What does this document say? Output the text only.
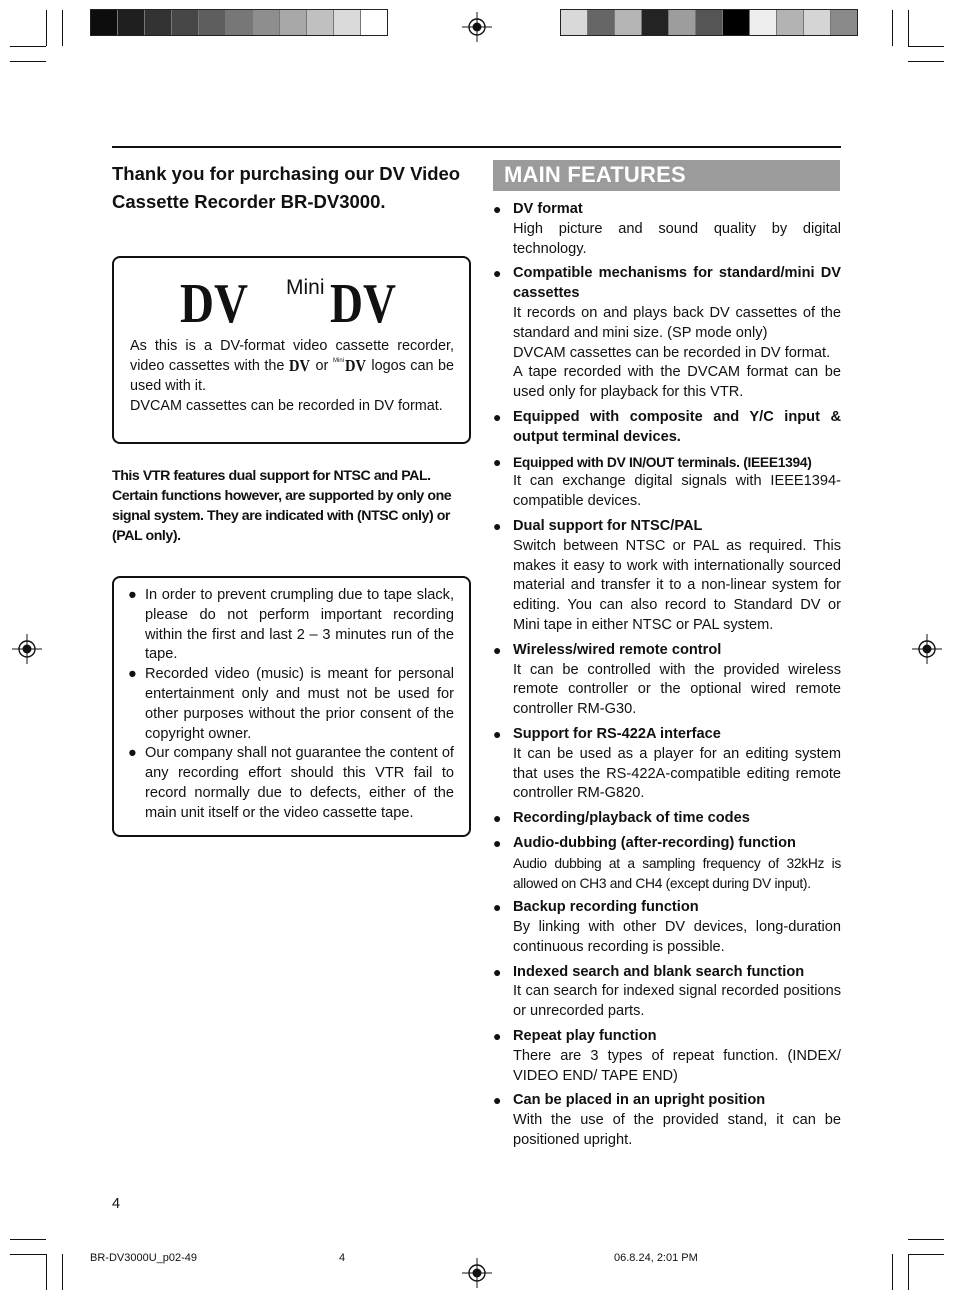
Thank you for purchasing our DV Video Cassette Recorder BR-DV3000.
DV Mini DV

As this is a DV-format video cassette recorder, video cassettes with the DV or Mini DV logos can be used with it.

DVCAM cassettes can be recorded in DV format.

This VTR features dual support for NTSC and PAL. Certain functions however, are supported by only one signal system. They are indicated with (NTSC only) or (PAL only).

● In order to prevent crumpling due to tape slack, please do not perform important recording within the first and last 2 – 3 minutes run of the tape.
● Recorded video (music) is meant for personal entertainment only and must not be used for other purposes without the prior consent of the copyright owner.
● Our company shall not guarantee the content of any recording effort should this VTR fail to record normally due to defects, either of the main unit itself or the video cassette tape.
MAIN FEATURES
● DV format

High picture and sound quality by digital technology.

● Compatible mechanisms for standard/mini DV cassettes

It records on and plays back DV cassettes of the standard and mini size. (SP mode only)

DVCAM cassettes can be recorded in DV format.

A tape recorded with the DVCAM format can be used only for playback for this VTR.

● Equipped with composite and Y/C input & output terminal devices.
● Equipped with DV IN/OUT terminals. (IEEE1394)

It can exchange digital signals with IEEE1394-compatible devices.

● Dual support for NTSC/PAL

Switch between NTSC or PAL as required. This makes it easy to work with internationally sourced material and transfer it to a non-linear system for editing. You can also record to Standard DV or Mini tape in either NTSC or PAL system.

● Wireless/wired remote control

It can be controlled with the provided wireless remote controller or the optional wired remote controller RM-G30.

● Support for RS-422A interface

It can be used as a player for an editing system that uses the RS-422A-compatible editing remote controller RM-G820.

● Recording/playback of time codes
● Audio-dubbing (after-recording) function

Audio dubbing at a sampling frequency of 32kHz is allowed on CH3 and CH4 (except during DV input).

● Backup recording function

By linking with other DV devices, long-duration continuous recording is possible.

● Indexed search and blank search function

It can search for indexed signal recorded positions or unrecorded parts.

● Repeat play function

There are 3 types of repeat function. (INDEX/ VIDEO END/ TAPE END)

● Can be placed in an upright position

With the use of the provided stand, it can be positioned upright.

4
BR-DV3000U_p02-49	4	06.8.24, 2:01 PM
